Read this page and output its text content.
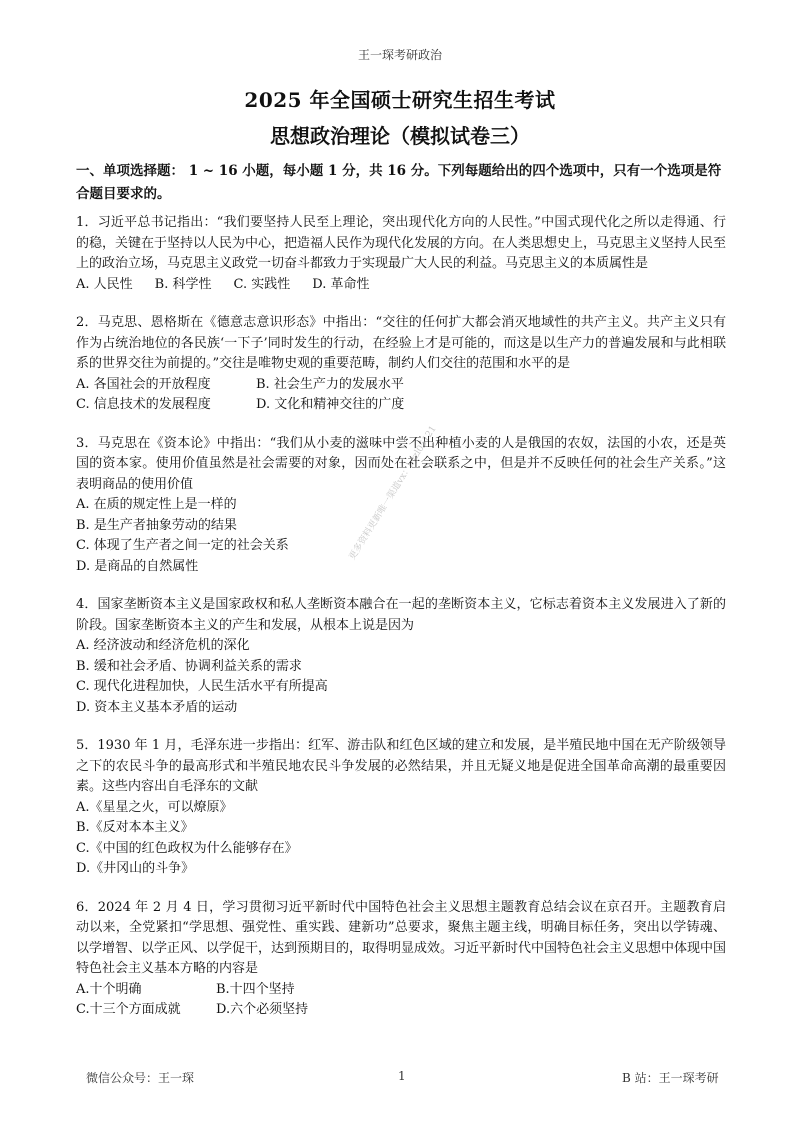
王一琛考研政治
2025 年全国硕士研究生招生考试
思想政治理论（模拟试卷三）
更多资料更新唯一渠道vx：kyzl05121
一、单项选择题： 1 ~ 16 小题，每小题 1 分，共 16 分。下列每题给出的四个选项中，只有一个选项是符合题目要求的。
1．习近平总书记指出：“我们要坚持人民至上理论，突出现代化方向的人民性。”中国式现代化之所以走得通、行的稳，关键在于坚持以人民为中心，把造福人民作为现代化发展的方向。在人类思想史上，马克思主义坚持人民至上的政治立场，马克思主义政党一切奋斗都致力于实现最广大人民的利益。马克思主义的本质属性是
A. 人民性 B. 科学性 C. 实践性 D. 革命性
2．马克思、恩格斯在《德意志意识形态》中指出：“交往的任何扩大都会消灭地域性的共产主义。共产主义只有作为占统治地位的各民族‘一下子’同时发生的行动，在经验上才是可能的，而这是以生产力的普遍发展和与此相联系的世界交往为前提的。”交往是唯物史观的重要范畴，制约人们交往的范围和水平的是
A. 各国社会的开放程度	B. 社会生产力的发展水平
C. 信息技术的发展程度	D. 文化和精神交往的广度
3．马克思在《资本论》中指出：“我们从小麦的滋味中尝不出种植小麦的人是俄国的农奴，法国的小农，还是英国的资本家。使用价值虽然是社会需要的对象，因而处在社会联系之中，但是并不反映任何的社会生产关系。”这表明商品的使用价值
A. 在质的规定性上是一样的
B. 是生产者抽象劳动的结果
C. 体现了生产者之间一定的社会关系
D. 是商品的自然属性
4．国家垄断资本主义是国家政权和私人垄断资本融合在一起的垄断资本主义，它标志着资本主义发展进入了新的阶段。国家垄断资本主义的产生和发展，从根本上说是因为
A. 经济波动和经济危机的深化
B. 缓和社会矛盾、协调利益关系的需求
C. 现代化进程加快，人民生活水平有所提高
D. 资本主义基本矛盾的运动
5．1930 年 1 月，毛泽东进一步指出：红军、游击队和红色区域的建立和发展，是半殖民地中国在无产阶级领导之下的农民斗争的最高形式和半殖民地农民斗争发展的必然结果，并且无疑义地是促进全国革命高潮的最重要因素。这些内容出自毛泽东的文献
A.《星星之火，可以燎原》
B.《反对本本主义》
C.《中国的红色政权为什么能够存在》
D.《井冈山的斗争》
6．2024 年 2 月 4 日，学习贯彻习近平新时代中国特色社会主义思想主题教育总结会议在京召开。主题教育启动以来，全党紧扣“学思想、强党性、重实践、建新功”总要求，聚焦主题主线，明确目标任务，突出以学铸魂、以学增智、以学正风、以学促干，达到预期目的，取得明显成效。习近平新时代中国特色社会主义思想中体现中国特色社会主义基本方略的内容是
A.十个明确	B.十四个坚持
C.十三个方面成就	D.六个必须坚持
微信公众号：王一琛	1	B 站：王一琛考研
